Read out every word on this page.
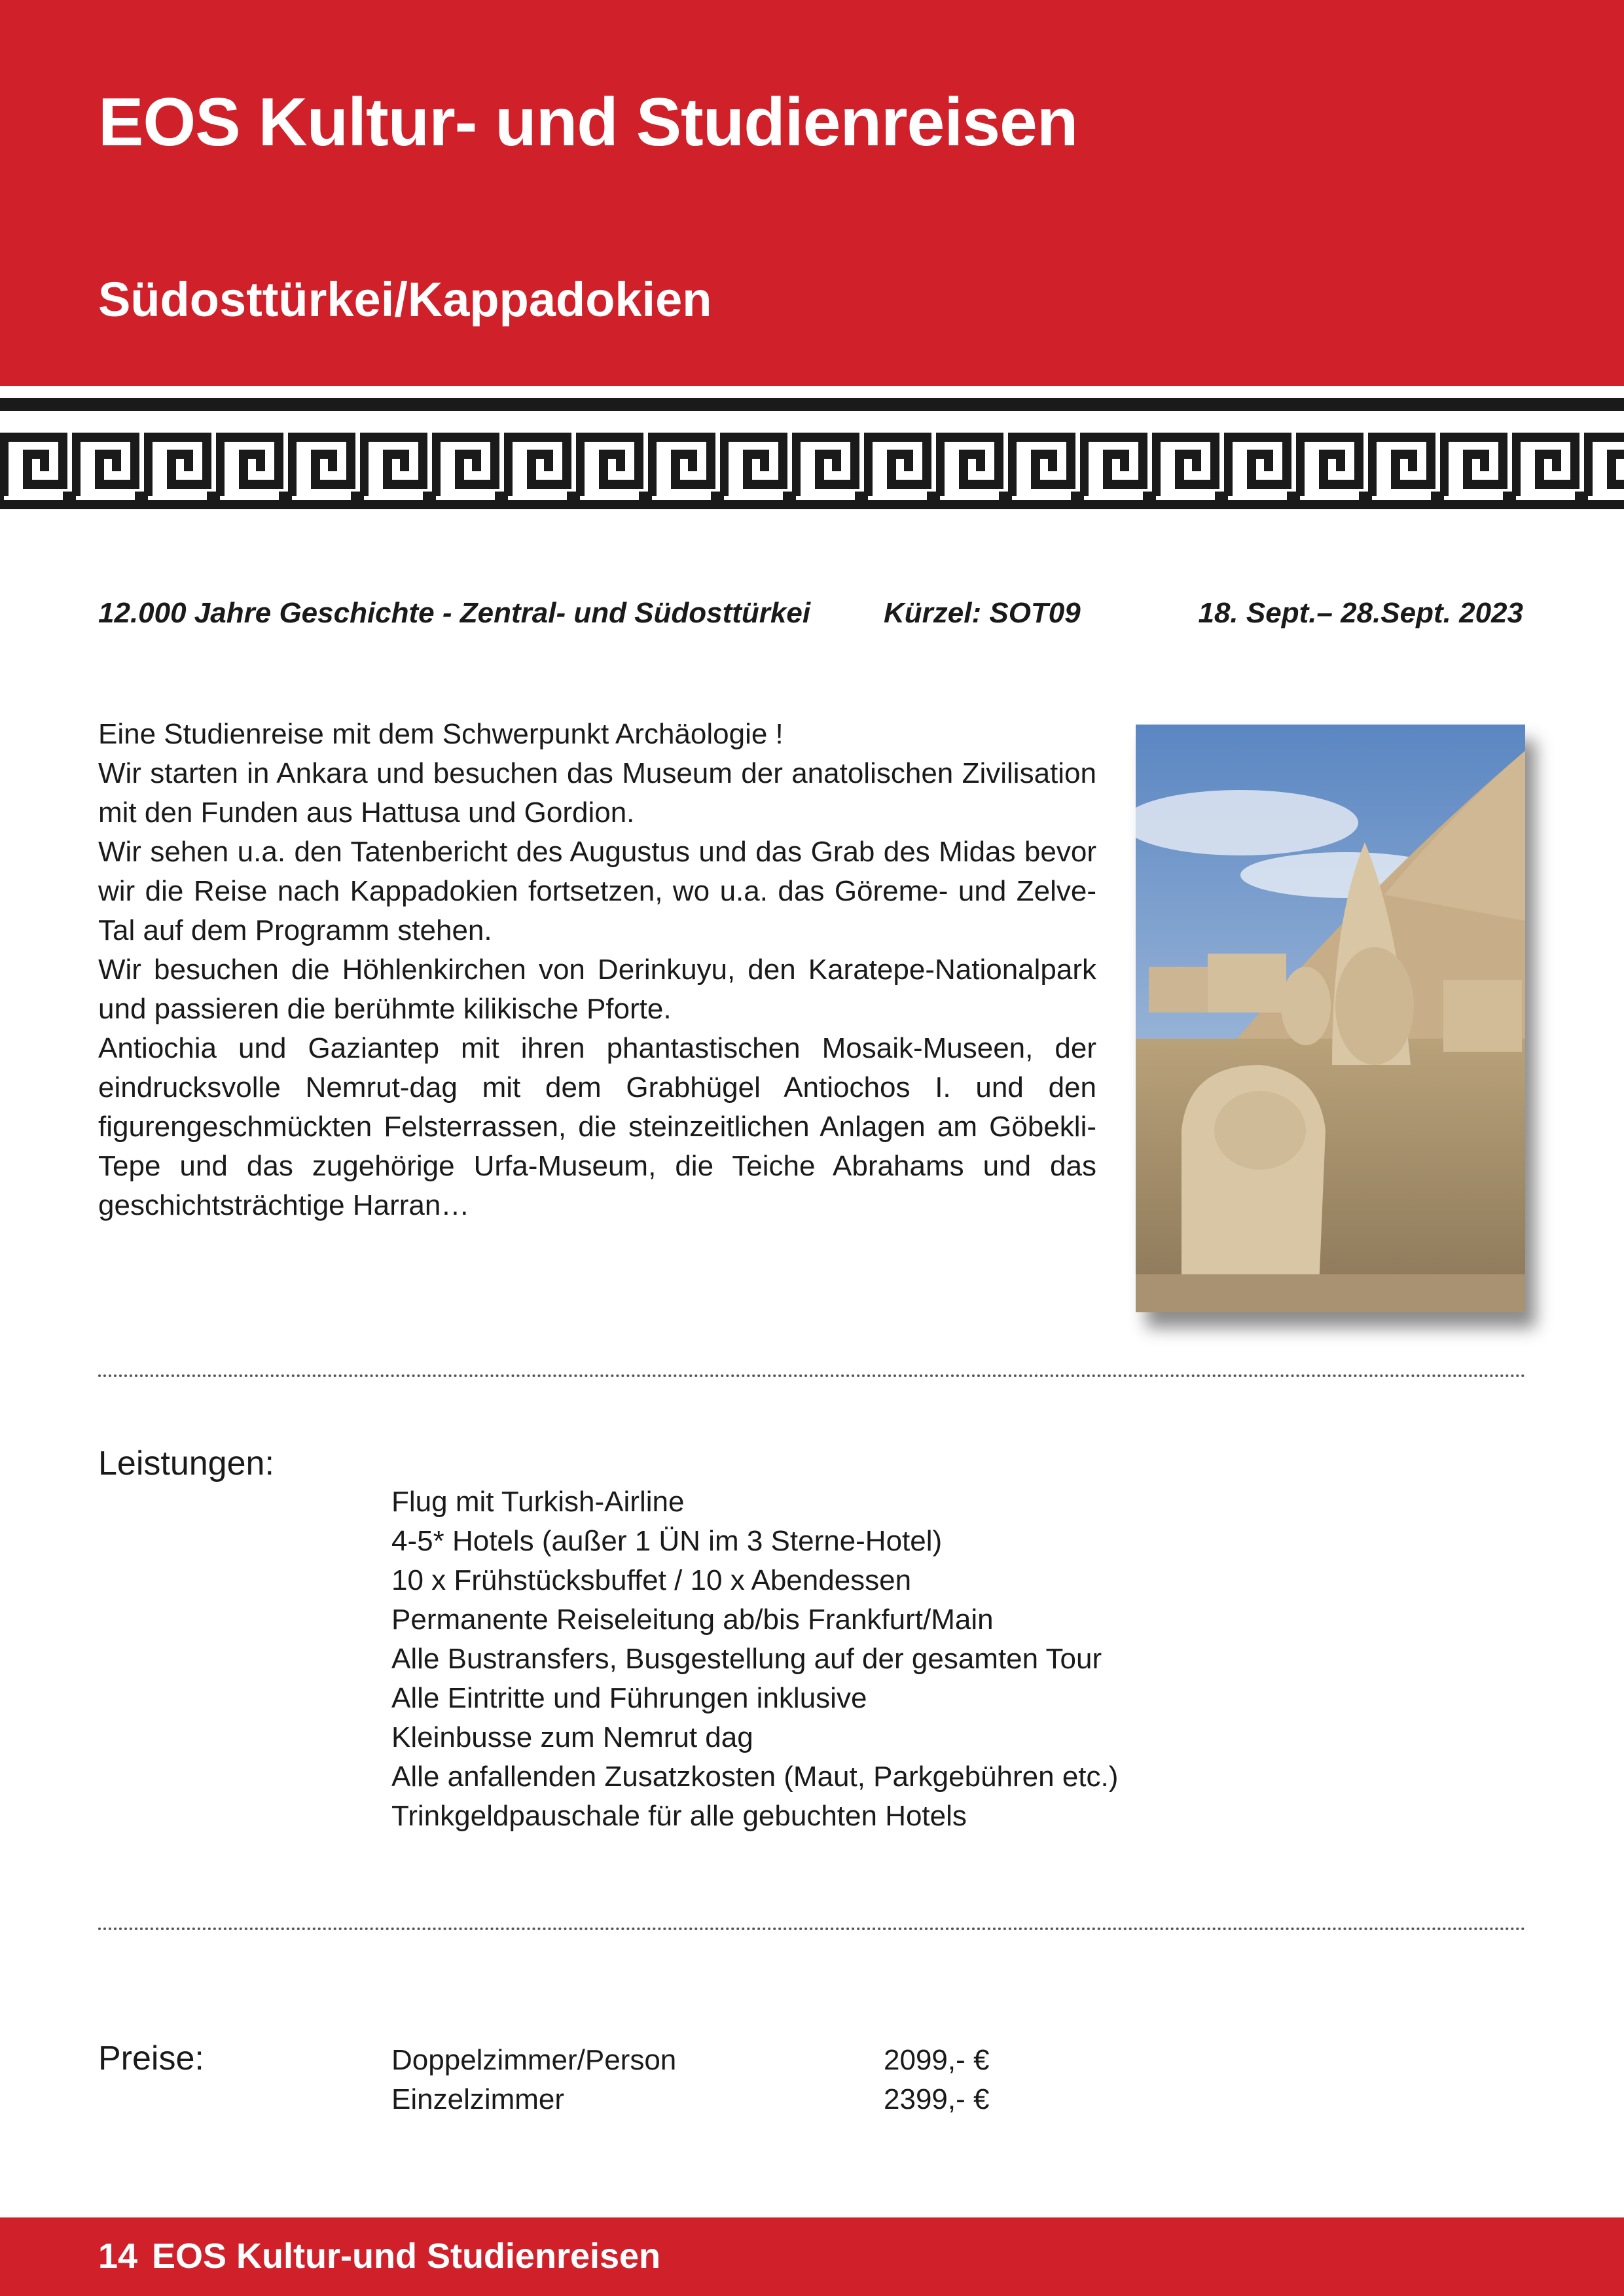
EOS Kultur- und Studienreisen
Südosttürkei/Kappadokien
12.000 Jahre Geschichte - Zentral- und Südosttürkei	Kürzel: SOT09	18. Sept.– 28.Sept. 2023

Eine Studienreise mit dem Schwerpunkt Archäologie !

Wir starten in Ankara und besuchen das Museum der anatolischen Zivilisation mit den Funden aus Hattusa und Gordion.

Wir sehen u.a. den Tatenbericht des Augustus und das Grab des Midas bevor wir die Reise nach Kappadokien fortsetzen, wo u.a. das Göreme- und Zelve-Tal auf dem Programm stehen.

Wir besuchen die Höhlenkirchen von Derinkuyu, den Karatepe-Nationalpark und passieren die berühmte kilikische Pforte.

Antiochia und Gaziantep mit ihren phantastischen Mosaik-Museen, der eindrucksvolle Nemrut-dag mit dem Grabhügel Antiochos I. und den figurengeschmückten Felsterrassen, die steinzeitlichen Anlagen am Göbekli-Tepe und das zugehörige Urfa-Museum, die Teiche Abrahams und das geschichtsträchtige Harran…

Leistungen:
Flug mit Turkish-Airline
4-5* Hotels (außer 1 ÜN im 3 Sterne-Hotel)
10 x Frühstücksbuffet / 10 x Abendessen
Permanente Reiseleitung ab/bis Frankfurt/Main
Alle Bustransfers, Busgestellung auf der gesamten Tour
Alle Eintritte und Führungen inklusive
Kleinbusse zum Nemrut dag
Alle anfallenden Zusatzkosten (Maut, Parkgebühren etc.)
Trinkgeldpauschale für alle gebuchten Hotels
Preise:	Doppelzimmer/Person	2099,- €
Einzelzimmer	2399,- €
14 EOS Kultur-und Studienreisen
